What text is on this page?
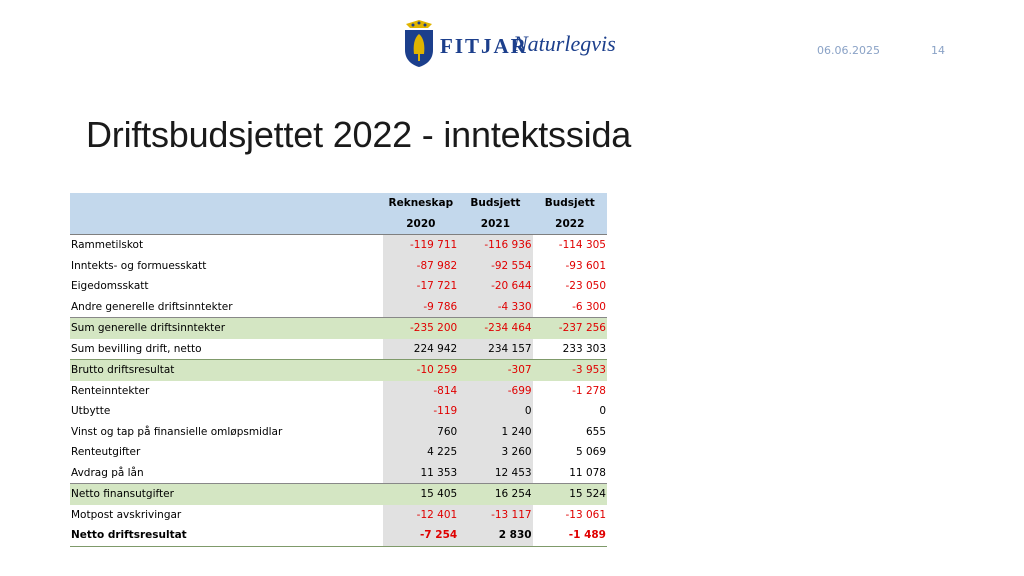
FITJAR
Naturlegvis	06.06.2025	14
Driftsbudsjettet 2022 - inntektssida
	Rekneskap	Budsjett	Budsjett
	2020	2021	2022
Rammetilskot	-119 711	-116 936	-114 305
Inntekts- og formuesskatt	-87 982	-92 554	-93 601
Eigedomsskatt	-17 721	-20 644	-23 050
Andre generelle driftsinntekter	-9 786	-4 330	-6 300
Sum generelle driftsinntekter	-235 200	-234 464	-237 256
Sum bevilling drift, netto	224 942	234 157	233 303
Brutto driftsresultat	-10 259	-307	-3 953
Renteinntekter	-814	-699	-1 278
Utbytte	-119	0	0
Vinst og tap på finansielle omløpsmidlar	760	1 240	655
Renteutgifter	4 225	3 260	5 069
Avdrag på lån	11 353	12 453	11 078
Netto finansutgifter	15 405	16 254	15 524
Motpost avskrivingar	-12 401	-13 117	-13 061
Netto driftsresultat	-7 254	2 830	-1 489
